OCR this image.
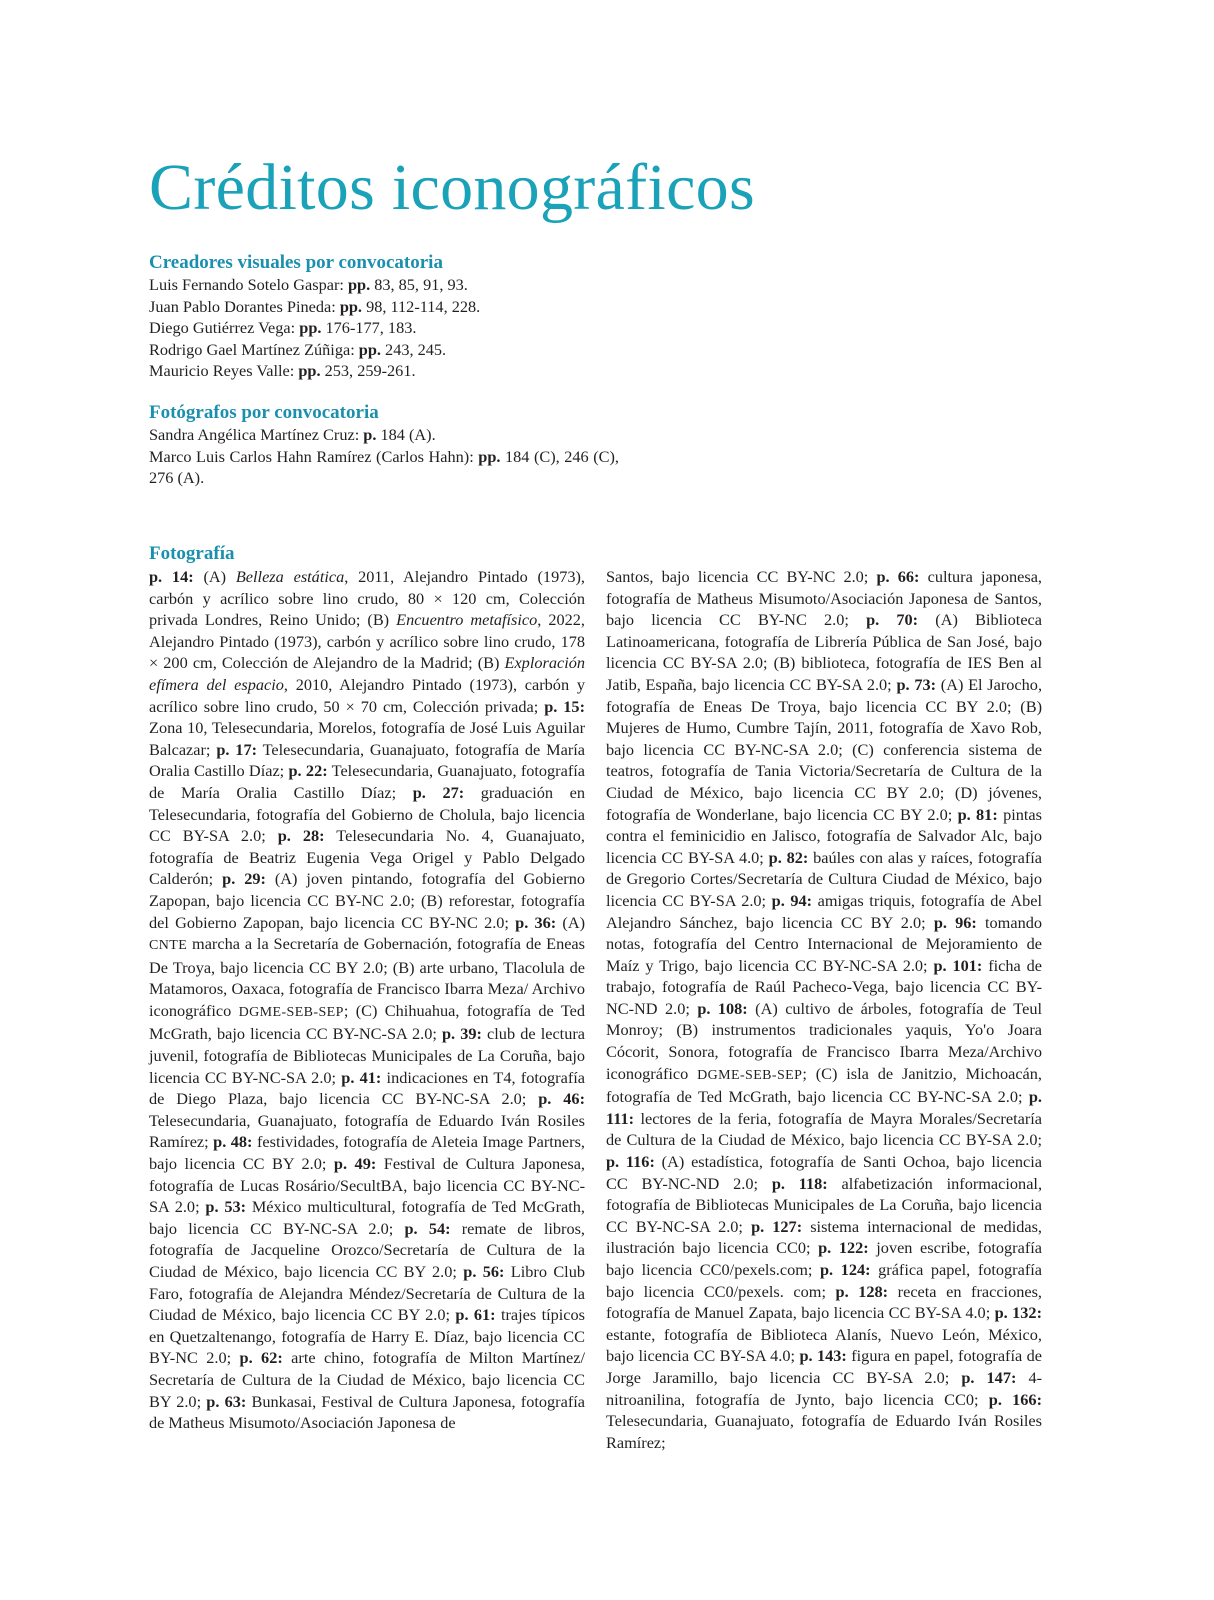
Créditos iconográficos
Creadores visuales por convocatoria

Luis Fernando Sotelo Gaspar: pp. 83, 85, 91, 93.

Juan Pablo Dorantes Pineda: pp. 98, 112-114, 228.

Diego Gutiérrez Vega: pp. 176-177, 183.

Rodrigo Gael Martínez Zúñiga: pp. 243, 245.

Mauricio Reyes Valle: pp. 253, 259-261.

Fotógrafos por convocatoria

Sandra Angélica Martínez Cruz: p. 184 (A).

Marco Luis Carlos Hahn Ramírez (Carlos Hahn): pp. 184 (C), 246 (C), 276 (A).

Fotografía
p. 14: (A) Belleza estática, 2011, Alejandro Pintado (1973), carbón y acrílico sobre lino crudo, 80 × 120 cm, Colección privada Londres, Reino Unido; (B) Encuentro metafísico, 2022, Alejandro Pintado (1973), carbón y acrílico sobre lino crudo, 178 × 200 cm, Colección de Alejandro de la Madrid; (B) Exploración efímera del espacio, 2010, Alejandro Pintado (1973), carbón y acrílico sobre lino crudo, 50 × 70 cm, Colección privada; p. 15: Zona 10, Telesecundaria, Morelos, fotografía de José Luis Aguilar Balcazar; p. 17: Telesecundaria, Guanajuato, fotografía de María Oralia Castillo Díaz; p. 22: Telesecundaria, Guanajuato, fotografía de María Oralia Castillo Díaz; p. 27: graduación en Telesecundaria, fotografía del Gobierno de Cholula, bajo licencia CC BY-SA 2.0; p. 28: Telesecundaria No. 4, Guanajuato, fotografía de Beatriz Eugenia Vega Origel y Pablo Delgado Calderón; p. 29: (A) joven pintando, fotografía del Gobierno Zapopan, bajo licencia CC BY-NC 2.0; (B) reforestar, fotografía del Gobierno Zapopan, bajo licencia CC BY-NC 2.0; p. 36: (A) CNTE marcha a la Secretaría de Gobernación, fotografía de Eneas De Troya, bajo licencia CC BY 2.0; (B) arte urbano, Tlacolula de Matamoros, Oaxaca, fotografía de Francisco Ibarra Meza/ Archivo iconográfico DGME-SEB-SEP; (C) Chihuahua, fotografía de Ted McGrath, bajo licencia CC BY-NC-SA 2.0; p. 39: club de lectura juvenil, fotografía de Bibliotecas Municipales de La Coruña, bajo licencia CC BY-NC-SA 2.0; p. 41: indicaciones en T4, fotografía de Diego Plaza, bajo licencia CC BY-NC-SA 2.0; p. 46: Telesecundaria, Guanajuato, fotografía de Eduardo Iván Rosiles Ramírez; p. 48: festividades, fotografía de Aleteia Image Partners, bajo licencia CC BY 2.0; p. 49: Festival de Cultura Japonesa, fotografía de Lucas Rosário/SecultBA, bajo licencia CC BY-NC-SA 2.0; p. 53: México multicultural, fotografía de Ted McGrath, bajo licencia CC BY-NC-SA 2.0; p. 54: remate de libros, fotografía de Jacqueline Orozco/Secretaría de Cultura de la Ciudad de México, bajo licencia CC BY 2.0; p. 56: Libro Club Faro, fotografía de Alejandra Méndez/Secretaría de Cultura de la Ciudad de México, bajo licencia CC BY 2.0; p. 61: trajes típicos en Quetzaltenango, fotografía de Harry E. Díaz, bajo licencia CC BY-NC 2.0; p. 62: arte chino, fotografía de Milton Martínez/ Secretaría de Cultura de la Ciudad de México, bajo licencia CC BY 2.0; p. 63: Bunkasai, Festival de Cultura Japonesa, fotografía de Matheus Misumoto/Asociación Japonesa de
Santos, bajo licencia CC BY-NC 2.0; p. 66: cultura japonesa, fotografía de Matheus Misumoto/Asociación Japonesa de Santos, bajo licencia CC BY-NC 2.0; p. 70: (A) Biblioteca Latinoamericana, fotografía de Librería Pública de San José, bajo licencia CC BY-SA 2.0; (B) biblioteca, fotografía de IES Ben al Jatib, España, bajo licencia CC BY-SA 2.0; p. 73: (A) El Jarocho, fotografía de Eneas De Troya, bajo licencia CC BY 2.0; (B) Mujeres de Humo, Cumbre Tajín, 2011, fotografía de Xavo Rob, bajo licencia CC BY-NC-SA 2.0; (C) conferencia sistema de teatros, fotografía de Tania Victoria/Secretaría de Cultura de la Ciudad de México, bajo licencia CC BY 2.0; (D) jóvenes, fotografía de Wonderlane, bajo licencia CC BY 2.0; p. 81: pintas contra el feminicidio en Jalisco, fotografía de Salvador Alc, bajo licencia CC BY-SA 4.0; p. 82: baúles con alas y raíces, fotografía de Gregorio Cortes/Secretaría de Cultura Ciudad de México, bajo licencia CC BY-SA 2.0; p. 94: amigas triquis, fotografía de Abel Alejandro Sánchez, bajo licencia CC BY 2.0; p. 96: tomando notas, fotografía del Centro Internacional de Mejoramiento de Maíz y Trigo, bajo licencia CC BY-NC-SA 2.0; p. 101: ficha de trabajo, fotografía de Raúl Pacheco-Vega, bajo licencia CC BY-NC-ND 2.0; p. 108: (A) cultivo de árboles, fotografía de Teul Monroy; (B) instrumentos tradicionales yaquis, Yo'o Joara Cócorit, Sonora, fotografía de Francisco Ibarra Meza/Archivo iconográfico DGME-SEB-SEP; (C) isla de Janitzio, Michoacán, fotografía de Ted McGrath, bajo licencia CC BY-NC-SA 2.0; p. 111: lectores de la feria, fotografía de Mayra Morales/Secretaría de Cultura de la Ciudad de México, bajo licencia CC BY-SA 2.0; p. 116: (A) estadística, fotografía de Santi Ochoa, bajo licencia CC BY-NC-ND 2.0; p. 118: alfabetización informacional, fotografía de Bibliotecas Municipales de La Coruña, bajo licencia CC BY-NC-SA 2.0; p. 127: sistema internacional de medidas, ilustración bajo licencia CC0; p. 122: joven escribe, fotografía bajo licencia CC0/pexels.com; p. 124: gráfica papel, fotografía bajo licencia CC0/pexels. com; p. 128: receta en fracciones, fotografía de Manuel Zapata, bajo licencia CC BY-SA 4.0; p. 132: estante, fotografía de Biblioteca Alanís, Nuevo León, México, bajo licencia CC BY-SA 4.0; p. 143: figura en papel, fotografía de Jorge Jaramillo, bajo licencia CC BY-SA 2.0; p. 147: 4-nitroanilina, fotografía de Jynto, bajo licencia CC0; p. 166: Telesecundaria, Guanajuato, fotografía de Eduardo Iván Rosiles Ramírez;
